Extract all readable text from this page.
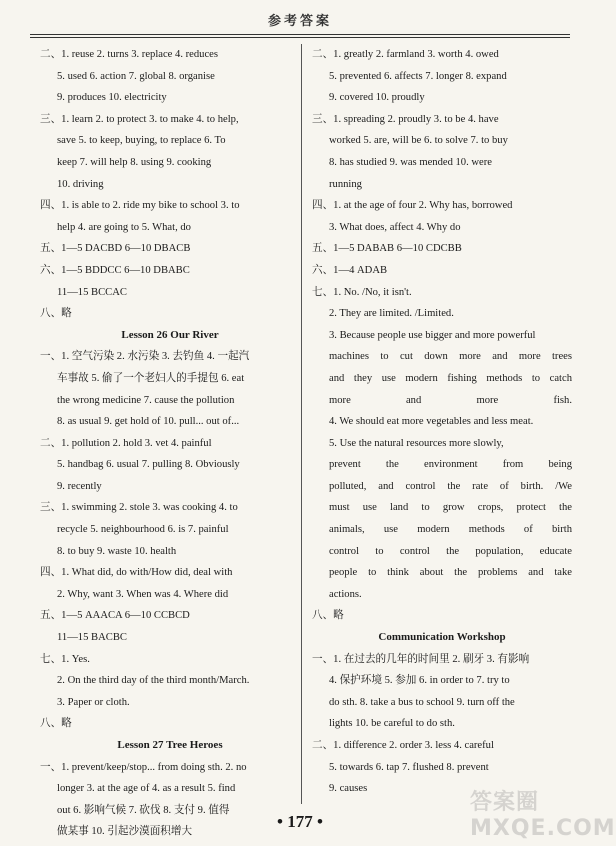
参考答案
二、1. reuse 2. turns 3. replace 4. reduces
5. used 6. action 7. global 8. organise
9. produces 10. electricity
三、1. learn 2. to protect 3. to make 4. to help,
save 5. to keep, buying, to replace 6. To
keep 7. will help 8. using 9. cooking
10. driving
四、1. is able to 2. ride my bike to school 3. to
help 4. are going to 5. What, do
五、1—5 DACBD 6—10 DBACB
六、1—5 BDDCC 6—10 DBABC
11—15 BCCAC
八、略
Lesson 26 Our River
一、1. 空气污染 2. 水污染 3. 去钓鱼 4. 一起汽
车事故 5. 偷了一个老妇人的手提包 6. eat
the wrong medicine 7. cause the pollution
8. as usual 9. get hold of 10. pull... out of...
二、1. pollution 2. hold 3. vet 4. painful
5. handbag 6. usual 7. pulling 8. Obviously
9. recently
三、1. swimming 2. stole 3. was cooking 4. to
recycle 5. neighbourhood 6. is 7. painful
8. to buy 9. waste 10. health
四、1. What did, do with/How did, deal with
2. Why, want 3. When was 4. Where did
五、1—5 AAACA 6—10 CCBCD
11—15 BACBC
七、1. Yes.
2. On the third day of the third month/March.
3. Paper or cloth.
八、略
Lesson 27 Tree Heroes
一、1. prevent/keep/stop... from doing sth. 2. no
longer 3. at the age of 4. as a result 5. find
out 6. 影响气候 7. 砍伐 8. 支付 9. 值得
做某事 10. 引起沙漠面积增大
二、1. greatly 2. farmland 3. worth 4. owed
5. prevented 6. affects 7. longer 8. expand
9. covered 10. proudly
三、1. spreading 2. proudly 3. to be 4. have
worked 5. are, will be 6. to solve 7. to buy
8. has studied 9. was mended 10. were
running
四、1. at the age of four 2. Why has, borrowed
3. What does, affect 4. Why do
五、1—5 DABAB 6—10 CDCBB
六、1—4 ADAB
七、1. No. /No, it isn't.
2. They are limited. /Limited.
3. Because people use bigger and more powerful
machines to cut down more and more trees
and they use modern fishing methods to catch
more and more fish.
4. We should eat more vegetables and less meat.
5. Use the natural resources more slowly,
prevent the environment from being
polluted, and control the rate of birth. /We
must use land to grow crops, protect the
animals, use modern methods of birth
control to control the population, educate
people to think about the problems and take
actions.
八、略
Communication Workshop
一、1. 在过去的几年的时间里 2. 刷牙 3. 有影响
4. 保护环境 5. 参加 6. in order to 7. try to
do sth. 8. take a bus to school 9. turn off the
lights 10. be careful to do sth.
二、1. difference 2. order 3. less 4. careful
5. towards 6. tap 7. flushed 8. prevent
9. causes
• 177 •
答案圈 MXQE.COM
